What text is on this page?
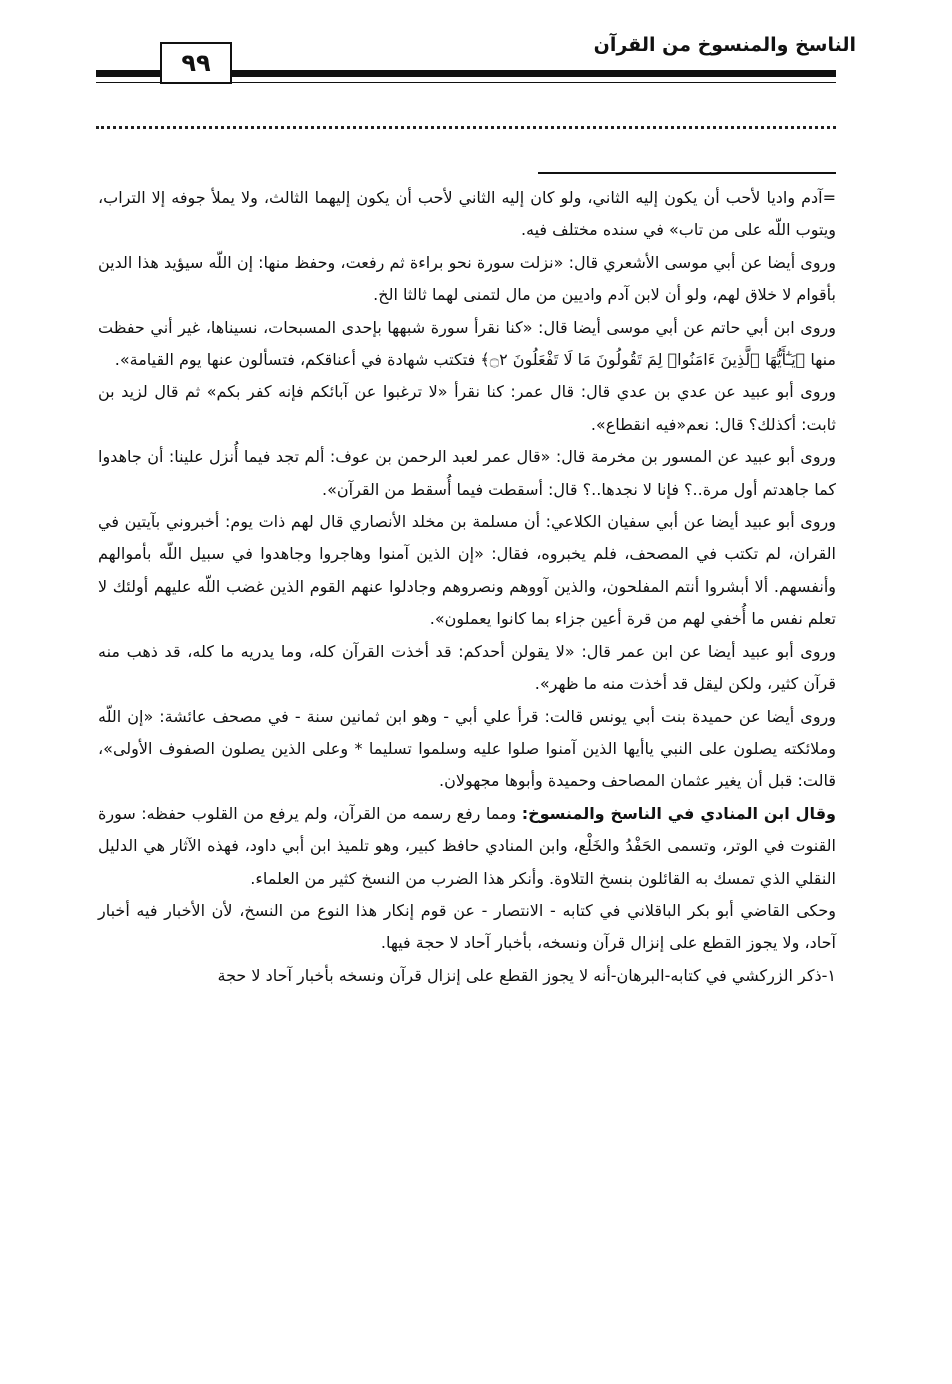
الناسخ والمنسوخ من القرآن
٩٩

=آدم واديا لأحب أن يكون إليه الثاني، ولو كان إليه الثاني لأحب أن يكون إليهما الثالث، ولا يملأ جوفه إلا التراب، ويتوب اللّه على من تاب» في سنده مختلف فيه.

وروى أيضا عن أبي موسى الأشعري قال: «نزلت سورة نحو براءة ثم رفعت، وحفظ منها: إن اللّه سيؤيد هذا الدين بأقوام لا خلاق لهم، ولو أن لابن آدم واديين من مال لتمنى لهما ثالثا الخ.

وروى ابن أبي حاتم عن أبي موسى أيضا قال: «كنا نقرأ سورة شبهها بإحدى المسبحات، نسيناها، غير أني حفظت منها ﴿يَـٰٓأَيُّهَا ٱلَّذِينَ ءَامَنُوا۟ لِمَ تَقُولُونَ مَا لَا تَفْعَلُونَ ۝٢﴾ فتكتب شهادة في أعناقكم، فتسألون عنها يوم القيامة».

وروى أبو عبيد عن عدي بن عدي قال: قال عمر: كنا نقرأ «لا ترغبوا عن آبائكم فإنه كفر بكم» ثم قال لزيد بن ثابت: أكذلك؟ قال: نعم«فيه انقطاع».

وروى أبو عبيد عن المسور بن مخرمة قال: «قال عمر لعبد الرحمن بن عوف: ألم تجد فيما أُنزل علينا: أن جاهدوا كما جاهدتم أول مرة..؟ فإنا لا نجدها..؟ قال: أسقطت فيما أُسقط من القرآن».

وروى أبو عبيد أيضا عن أبي سفيان الكلاعي: أن مسلمة بن مخلد الأنصاري قال لهم ذات يوم: أخبروني بآيتين في القران، لم تكتب في المصحف، فلم يخبروه، فقال: «إن الذين آمنوا وهاجروا وجاهدوا في سبيل اللّه بأموالهم وأنفسهم. ألا أبشروا أنتم المفلحون، والذين آووهم ونصروهم وجادلوا عنهم القوم الذين غضب اللّه عليهم أولئك لا تعلم نفس ما أُخفي لهم من قرة أعين جزاء بما كانوا يعملون».

وروى أبو عبيد أيضا عن ابن عمر قال: «لا يقولن أحدكم: قد أخذت القرآن كله، وما يدريه ما كله، قد ذهب منه قرآن كثير، ولكن ليقل قد أخذت منه ما ظهر».

وروى أيضا عن حميدة بنت أبي يونس قالت: قرأ علي أبي - وهو ابن ثمانين سنة - في مصحف عائشة: «إن اللّه وملائكته يصلون على النبي ياأيها الذين آمنوا صلوا عليه وسلموا تسليما * وعلى الذين يصلون الصفوف الأولى»، قالت: قبل أن يغير عثمان المصاحف وحميدة وأبوها مجهولان.

وقال ابن المنادي في الناسخ والمنسوخ: ومما رفع رسمه من القرآن، ولم يرفع من القلوب حفظه: سورة القنوت في الوتر، وتسمى الحَفْدُ والخَلْع، وابن المنادي حافظ كبير، وهو تلميذ ابن أبي داود، فهذه الآثار هي الدليل النقلي الذي تمسك به القائلون بنسخ التلاوة. وأنكر هذا الضرب من النسخ كثير من العلماء.

وحكى القاضي أبو بكر الباقلاني في كتابه - الانتصار - عن قوم إنكار هذا النوع من النسخ، لأن الأخبار فيه أخبار آحاد، ولا يجوز القطع على إنزال قرآن ونسخه، بأخبار آحاد لا حجة فيها.

١-ذكر الزركشي في كتابه-البرهان-أنه لا يجوز القطع على إنزال قرآن ونسخه بأخبار آحاد لا حجة
